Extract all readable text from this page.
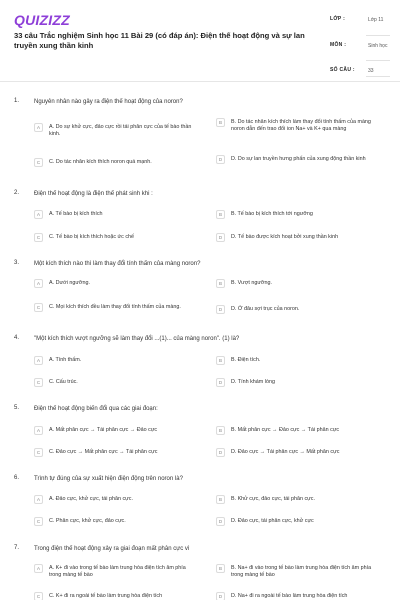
QUIZIZZ
33 câu Trắc nghiệm Sinh học 11 Bài 29 (có đáp án): Điện thế hoạt động và sự lan truyền xung thần kinh
LỚP :	Lớp 11
MÔN :	Sinh học
SỐ CÂU :	33
1. Nguyên nhân nào gây ra điện thế hoạt động của noron?
A	A. Do sự khử cực, đảo cực rồi tái phân cực của tế bào thần kinh.
B	B. Do tác nhân kích thích làm thay đổi tính thấm của màng noron dẫn đến trao đổi ion Na+ và K+ qua màng
C	C. Do tác nhân kích thích noron quá mạnh.	D	D. Do sự lan truyền hưng phấn của xung động thần kinh
2. Điện thế hoạt động là điện thế phát sinh khi :
A	A. Tế bào bị kích thích	B	B. Tế bào bị kích thích tới ngưỡng
C	C. Tế bào bị kích thích hoặc ức chế	D	D. Tế bào được kích hoạt bởi xung thần kinh
3. Một kích thích nào thì làm thay đổi tính thấm của màng noron?
A	A. Dưới ngưỡng.	B	B. Vượt ngưỡng.
C	C. Mọi kích thích đều làm thay đổi tính thấm của màng.	D	D. Ở đâu sợi trục của noron.
4. "Một kích thích vượt ngưỡng sẽ làm thay đổi ...(1)... của màng noron". (1) là?
A	A. Tính thấm.	B	B. Điện tích.
C	C. Cấu trúc.	D	D. Tính khám lòng
5. Điện thế hoạt động biến đổi qua các giai đoạn:
A	A. Mất phân cực → Tái phân cực → Đảo cực	B	B. Mất phân cực → Đảo cực → Tái phân cực
C	C. Đảo cực → Mất phân cực → Tái phân cực	D	D. Đảo cực → Tái phân cực → Mất phân cực
6. Trình tự đúng của sự xuất hiện điện động trên noron là?
A	A. Đảo cực, khử cực, tái phân cực.	B	B. Khử cực, đảo cực, tái phân cực.
C	C. Phân cực, khử cực, đảo cực.	D	D. Đảo cực, tái phân cực, khử cực
7. Trong điện thế hoạt động xảy ra giai đoạn mất phân cực vì
A	A. K+ đi vào trong tế bào làm trung hòa điện tích âm phía trong màng tế bào
B	B. Na+ đi vào trong tế bào làm trung hòa điện tích âm phía trong màng tế bào
C	C. K+ đi ra ngoài tế bào làm trung hòa điện tích	D	D. Na+ đi ra ngoài tế bào làm trung hòa điện tích
